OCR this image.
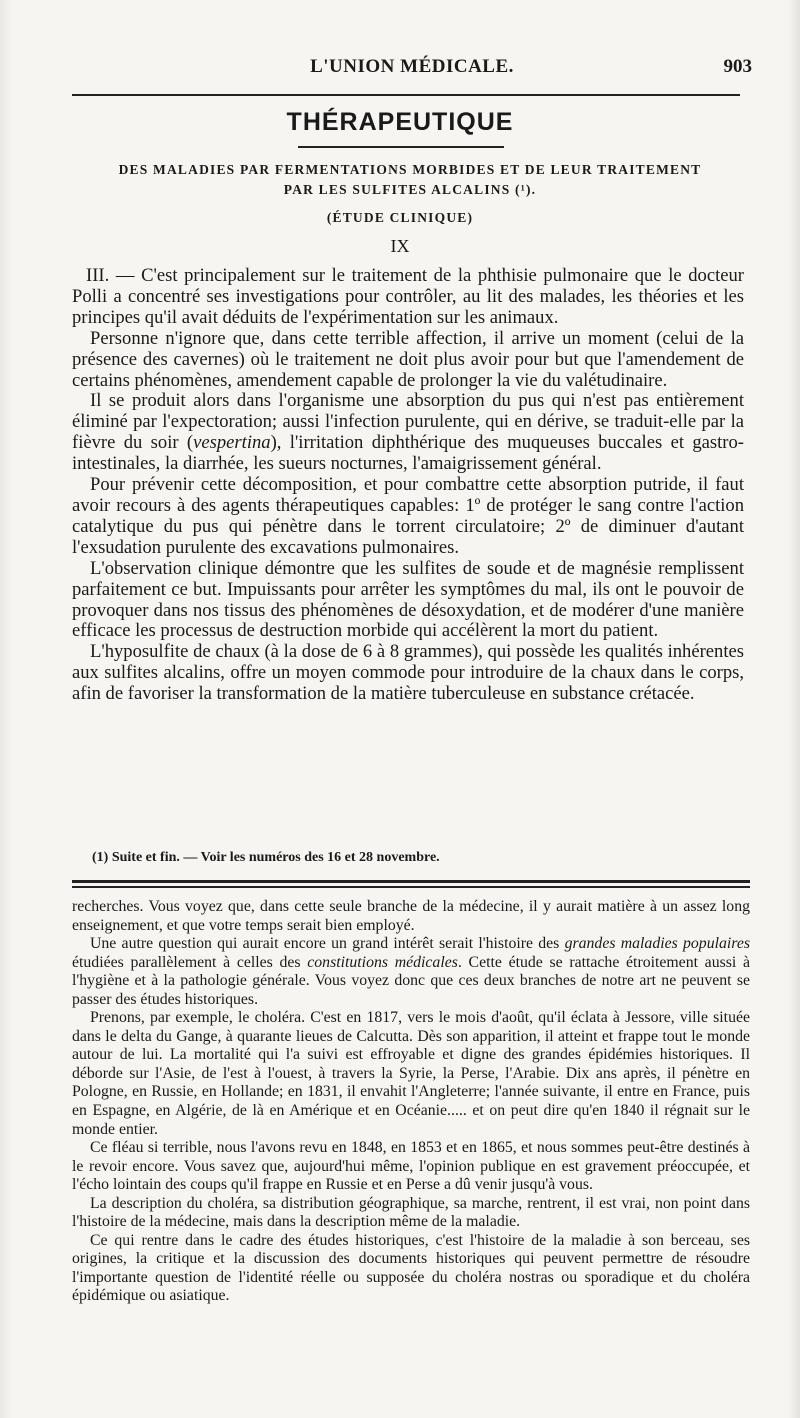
L'UNION MÉDICALE.	903
THÉRAPEUTIQUE
DES MALADIES PAR FERMENTATIONS MORBIDES ET DE LEUR TRAITEMENT
PAR LES SULFITES ALCALINS (¹).
(ÉTUDE CLINIQUE)
IX

III. — C'est principalement sur le traitement de la phthisie pulmonaire que le docteur Polli a concentré ses investigations pour contrôler, au lit des malades, les théories et les principes qu'il avait déduits de l'expérimentation sur les animaux.

Personne n'ignore que, dans cette terrible affection, il arrive un moment (celui de la présence des cavernes) où le traitement ne doit plus avoir pour but que l'amendement de certains phénomènes, amendement capable de prolonger la vie du valétudinaire.

Il se produit alors dans l'organisme une absorption du pus qui n'est pas entièrement éliminé par l'expectoration; aussi l'infection purulente, qui en dérive, se traduit-elle par la fièvre du soir (vespertina), l'irritation diphthérique des muqueuses buccales et gastro-intestinales, la diarrhée, les sueurs nocturnes, l'amaigrissement général.

Pour prévenir cette décomposition, et pour combattre cette absorption putride, il faut avoir recours à des agents thérapeutiques capables: 1º de protéger le sang contre l'action catalytique du pus qui pénètre dans le torrent circulatoire; 2º de diminuer d'autant l'exsudation purulente des excavations pulmonaires.

L'observation clinique démontre que les sulfites de soude et de magnésie remplissent parfaitement ce but. Impuissants pour arrêter les symptômes du mal, ils ont le pouvoir de provoquer dans nos tissus des phénomènes de désoxydation, et de modérer d'une manière efficace les processus de destruction morbide qui accélèrent la mort du patient.

L'hyposulfite de chaux (à la dose de 6 à 8 grammes), qui possède les qualités inhérentes aux sulfites alcalins, offre un moyen commode pour introduire de la chaux dans le corps, afin de favoriser la transformation de la matière tuberculeuse en substance crétacée.

(1) Suite et fin. — Voir les numéros des 16 et 28 novembre.

recherches. Vous voyez que, dans cette seule branche de la médecine, il y aurait matière à un assez long enseignement, et que votre temps serait bien employé.

Une autre question qui aurait encore un grand intérêt serait l'histoire des grandes maladies populaires étudiées parallèlement à celles des constitutions médicales. Cette étude se rattache étroitement aussi à l'hygiène et à la pathologie générale. Vous voyez donc que ces deux branches de notre art ne peuvent se passer des études historiques.

Prenons, par exemple, le choléra. C'est en 1817, vers le mois d'août, qu'il éclata à Jessore, ville située dans le delta du Gange, à quarante lieues de Calcutta. Dès son apparition, il atteint et frappe tout le monde autour de lui. La mortalité qui l'a suivi est effroyable et digne des grandes épidémies historiques. Il déborde sur l'Asie, de l'est à l'ouest, à travers la Syrie, la Perse, l'Arabie. Dix ans après, il pénètre en Pologne, en Russie, en Hollande; en 1831, il envahit l'Angleterre; l'année suivante, il entre en France, puis en Espagne, en Algérie, de là en Amérique et en Océanie..... et on peut dire qu'en 1840 il régnait sur le monde entier.

Ce fléau si terrible, nous l'avons revu en 1848, en 1853 et en 1865, et nous sommes peut-être destinés à le revoir encore. Vous savez que, aujourd'hui même, l'opinion publique en est gravement préoccupée, et l'écho lointain des coups qu'il frappe en Russie et en Perse a dû venir jusqu'à vous.

La description du choléra, sa distribution géographique, sa marche, rentrent, il est vrai, non point dans l'histoire de la médecine, mais dans la description même de la maladie.

Ce qui rentre dans le cadre des études historiques, c'est l'histoire de la maladie à son berceau, ses origines, la critique et la discussion des documents historiques qui peuvent permettre de résoudre l'importante question de l'identité réelle ou supposée du choléra nostras ou sporadique et du choléra épidémique ou asiatique.
